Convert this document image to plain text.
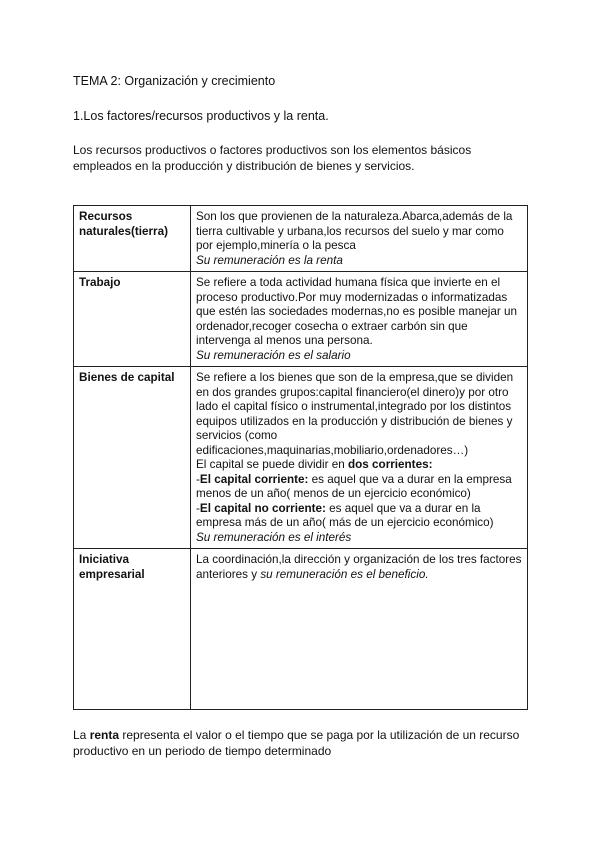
TEMA 2: Organización y crecimiento
1.Los factores/recursos productivos y la renta.
Los recursos productivos o factores productivos son los elementos básicos empleados en la producción y distribución de bienes y servicios.
Recursos naturales(tierra)	Son los que provienen de la naturaleza.Abarca,además de la tierra cultivable y urbana,los recursos del suelo y mar como por ejemplo,minería o la pesca
Su remuneración es la renta
Trabajo	Se refiere a toda actividad humana física que invierte en el proceso productivo.Por muy modernizadas o informatizadas que estén las sociedades modernas,no es posible manejar un ordenador,recoger cosecha o extraer carbón sin que intervenga al menos una persona.
Su remuneración es el salario
Bienes de capital	Se refiere a los bienes que son de la empresa,que se dividen en dos grandes grupos:capital financiero(el dinero)y por otro lado el capital físico o instrumental,integrado por los distintos equipos utilizados en la producción y distribución de bienes y servicios (como edificaciones,maquinarias,mobiliario,ordenadores…)
El capital se puede dividir en dos corrientes:
-El capital corriente: es aquel que va a durar en la empresa menos de un año( menos de un ejercicio económico)
-El capital no corriente: es aquel que va a durar en la empresa más de un año( más de un ejercicio económico)
Su remuneración es el interés
Iniciativa empresarial	La coordinación,la dirección y organización de los tres factores anteriores y su remuneración es el beneficio.
La renta representa el valor o el tiempo que se paga por la utilización de un recurso productivo en un periodo de tiempo determinado
